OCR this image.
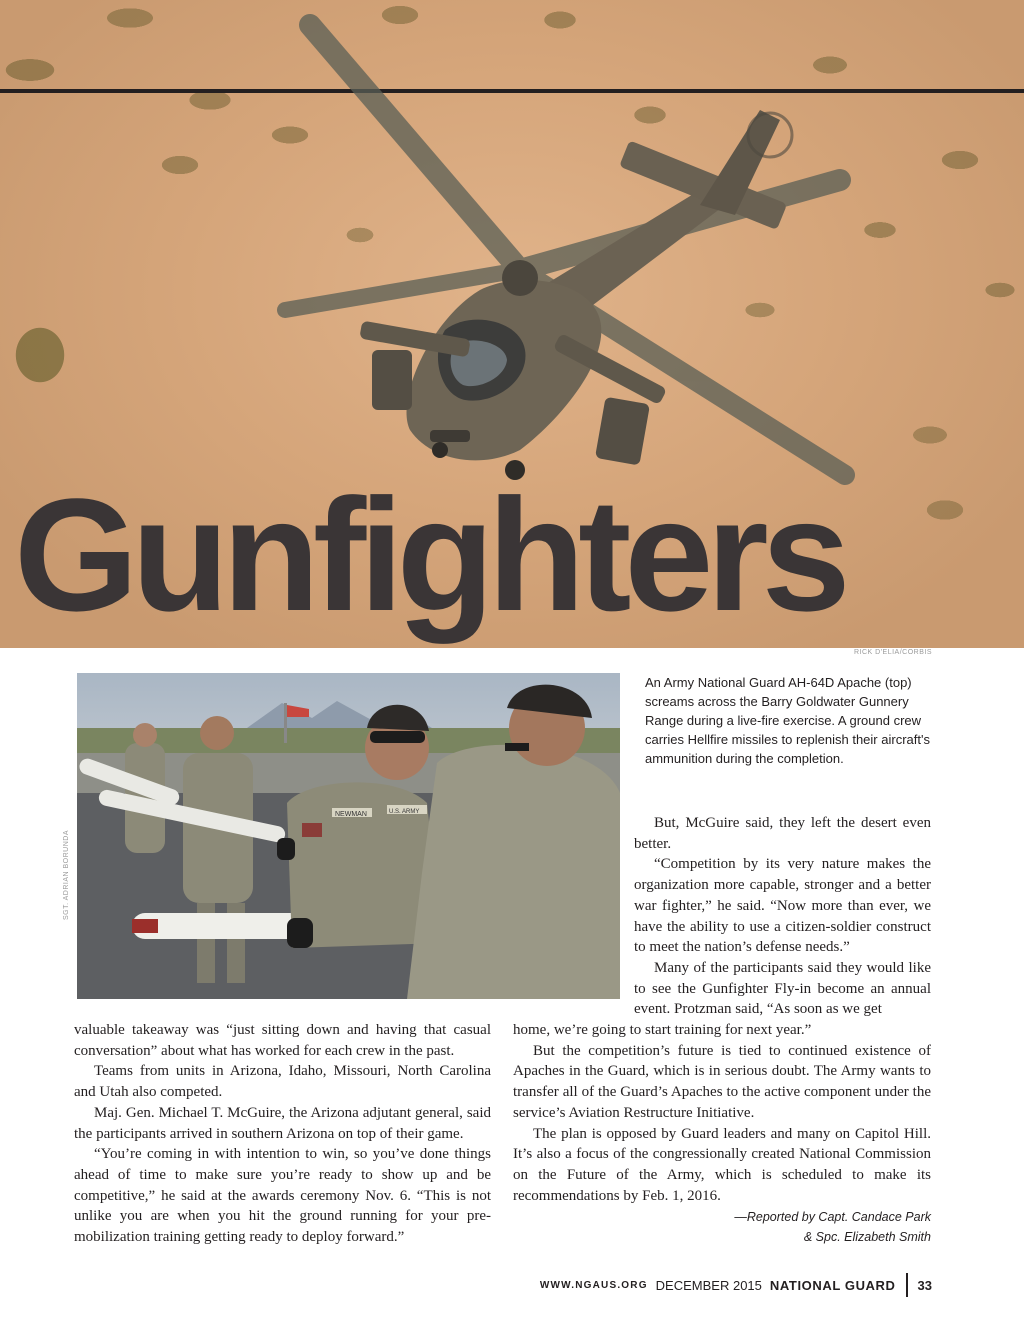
Gunfighters
RICK D'ELIA/CORBIS
NEWMAN	U.S. ARMY
SGT. ADRIAN BORUNDA

An Army National Guard AH-64D Apache (top) screams across the Barry Goldwater Gunnery Range during a live-fire exercise. A ground crew carries Hellfire missiles to replenish their aircraft's ammunition during the completion.

valuable takeaway was “just sitting down and having that casual conversation” about what has worked for each crew in the past.

Teams from units in Arizona, Idaho, Missouri, North Carolina and Utah also competed.

Maj. Gen. Michael T. McGuire, the Arizona adjutant general, said the participants arrived in southern Arizona on top of their game.

“You’re coming in with intention to win, so you’ve done things ahead of time to make sure you’re ready to show up and be competitive,” he said at the awards ceremony Nov. 6. “This is not unlike you are when you hit the ground running for your pre-mobilization training getting ready to deploy forward.”

But, McGuire said, they left the desert even better.

“Competition by its very nature makes the organization more capable, stronger and a better war fighter,” he said. “Now more than ever, we have the ability to use a citizen-soldier construct to meet the nation’s defense needs.”

Many of the participants said they would like to see the Gunfighter Fly-in become an annual event. Protzman said, “As soon as we get

home, we’re going to start training for next year.”

But the competition’s future is tied to continued existence of Apaches in the Guard, which is in serious doubt. The Army wants to transfer all of the Guard’s Apaches to the active component under the service’s Aviation Restructure Initiative.

The plan is opposed by Guard leaders and many on Capitol Hill. It’s also a focus of the congressionally created National Commission on the Future of the Army, which is scheduled to make its recommendations by Feb. 1, 2016.

—Reported by Capt. Candace Park
& Spc. Elizabeth Smith
WWW.NGAUS.ORG DECEMBER 2015 NATIONAL GUARD 33
